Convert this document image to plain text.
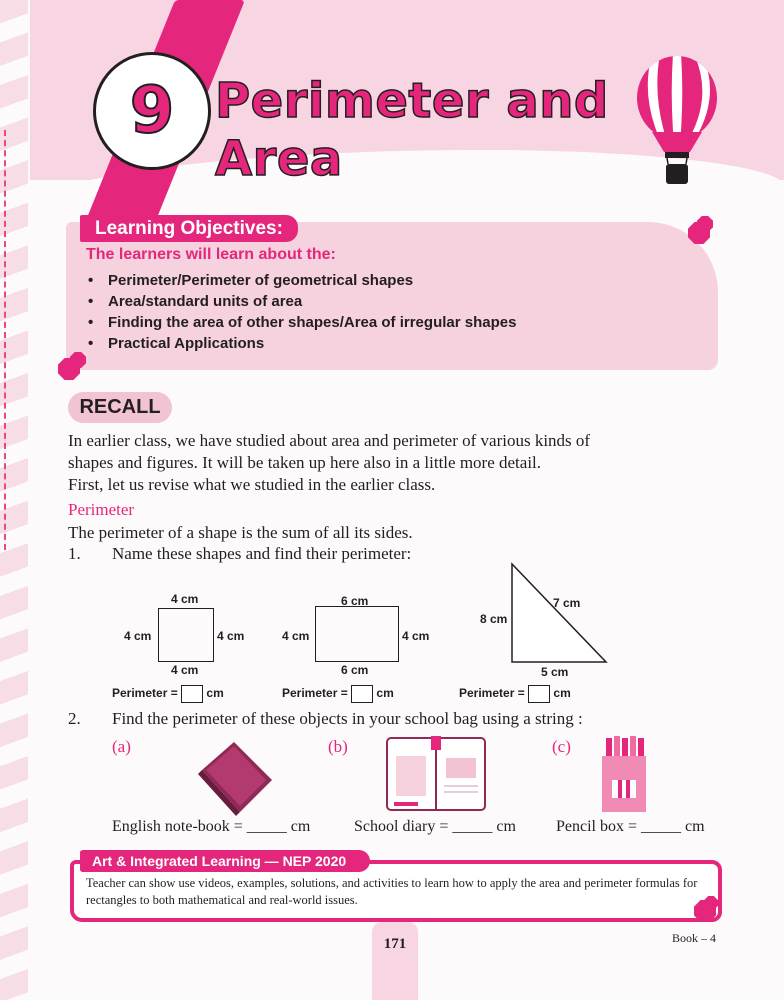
9 Perimeter and
Area
Learning Objectives:
The learners will learn about the:
• Perimeter/Perimeter of geometrical shapes
• Area/standard units of area
• Finding the area of other shapes/Area of irregular shapes
• Practical Applications
RECALL
In earlier class, we have studied about area and perimeter of various kinds of
shapes and figures. It will be taken up here also in a little more detail.
First, let us revise what we studied in the earlier class.
Perimeter
The perimeter of a shape is the sum of all its sides.
1. Name these shapes and find their perimeter:
4 cm
4 cm	4 cm
4 cm
6 cm
4 cm	4 cm
6 cm
8 cm
7 cm
5 cm
Perimeter = cm	Perimeter = cm	Perimeter = cm
2. Find the perimeter of these objects in your school bag using a string :
(a)	(b)	(c)
English note-book = _____ cm	School diary = _____ cm	Pencil box = _____ cm
Art & Integrated Learning — NEP 2020
Teacher can show use videos, examples, solutions, and activities to learn how to apply the area and perimeter formulas for rectangles to both mathematical and real-world issues.
171	Book – 4
